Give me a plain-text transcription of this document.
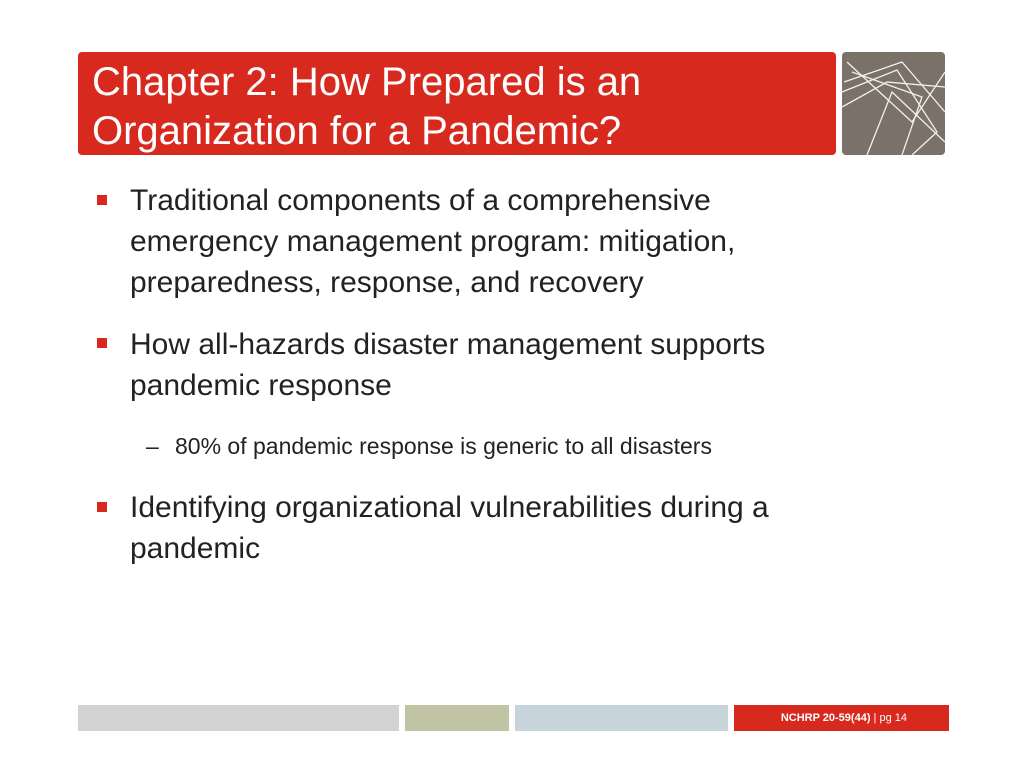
Chapter 2: How Prepared is an

Organization for a Pandemic?

Traditional components of a comprehensive
emergency management program: mitigation,
preparedness, response, and recovery
How all-hazards disaster management supports
pandemic response
– 80% of pandemic response is generic to all disasters
Identifying organizational vulnerabilities during a
pandemic
NCHRP 20-59(44) | pg 14
